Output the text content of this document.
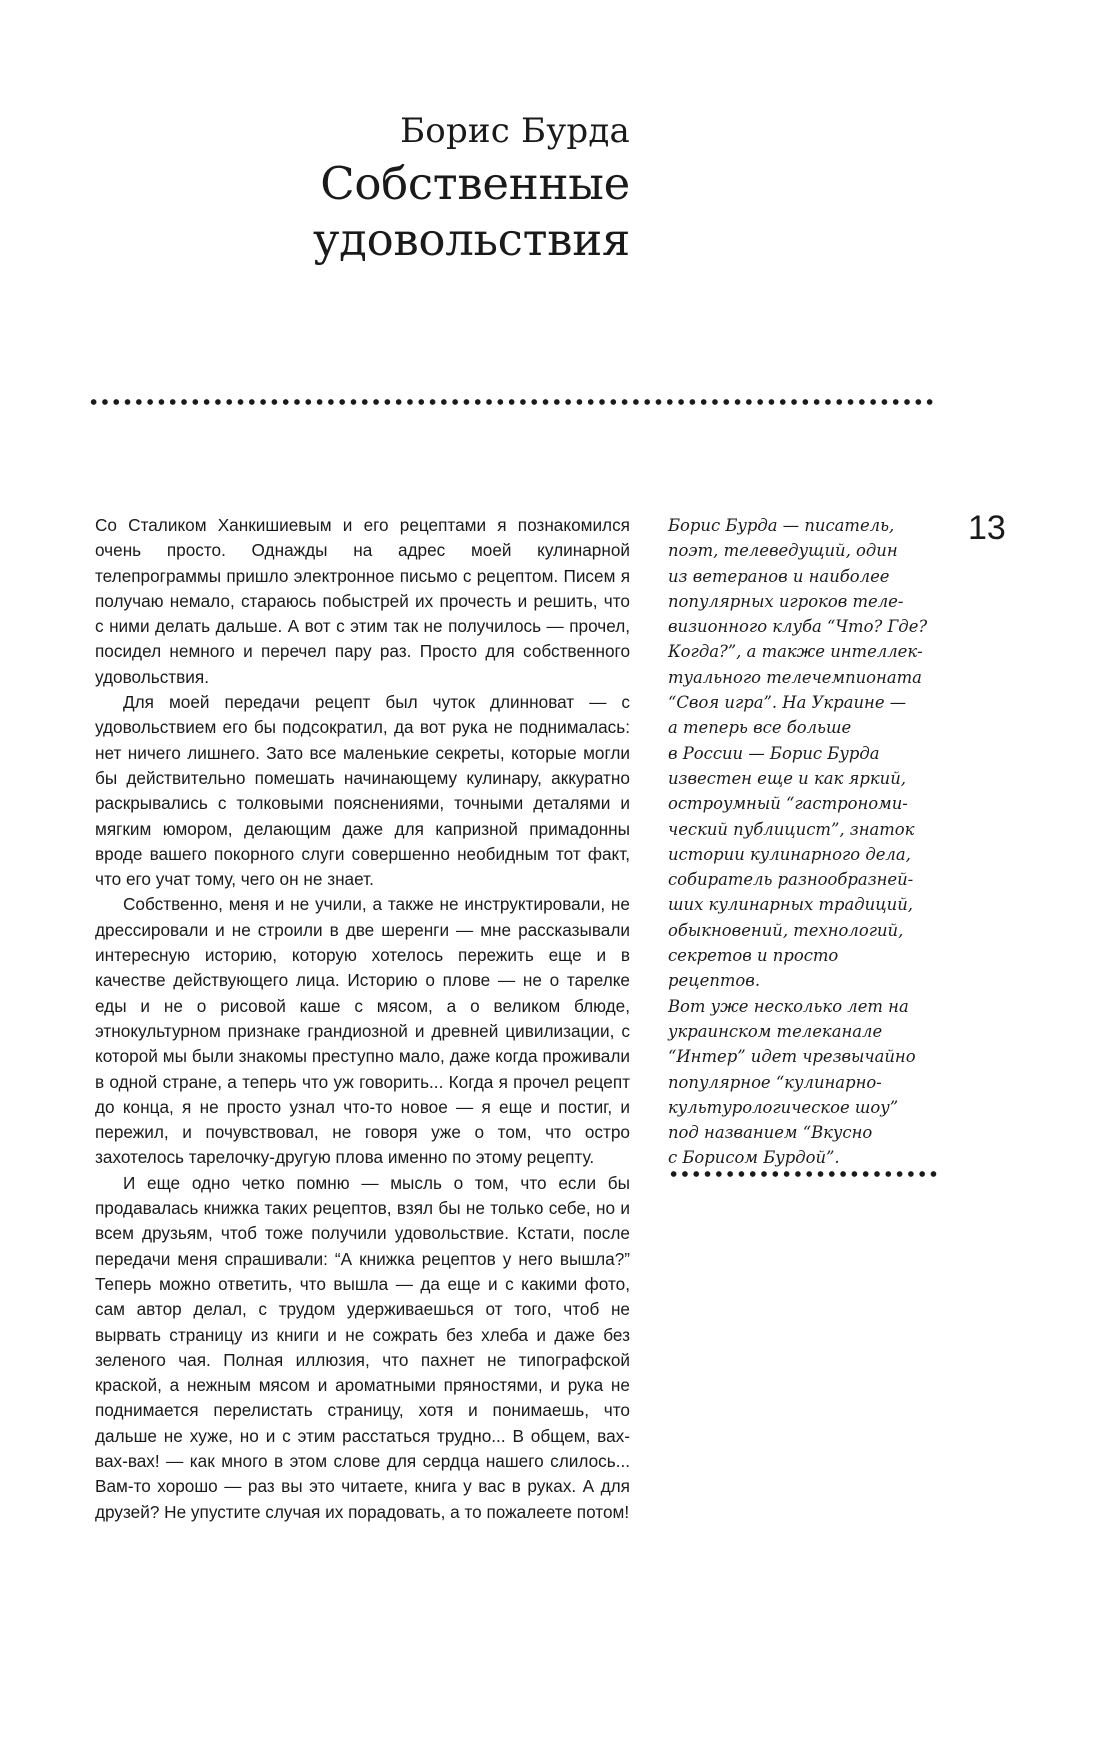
Борис Бурда
Собственные
удовольствия

Со Сталиком Ханкишиевым и его рецептами я познакомился очень просто. Однажды на адрес моей кулинарной телепрограммы пришло электронное письмо с рецептом. Писем я получаю немало, стараюсь побыстрей их прочесть и решить, что с ними делать дальше. А вот с этим так не получилось — прочел, посидел немного и перечел пару раз. Просто для собственного удовольствия.

Для моей передачи рецепт был чуток длинноват — с удовольствием его бы подсократил, да вот рука не поднималась: нет ничего лишнего. Зато все маленькие секреты, которые могли бы действительно помешать начинающему кулинару, аккуратно раскрывались с толковыми пояснениями, точными деталями и мягким юмором, делающим даже для капризной примадонны вроде вашего покорного слуги совершенно необидным тот факт, что его учат тому, чего он не знает.

Собственно, меня и не учили, а также не инструктировали, не дрессировали и не строили в две шеренги — мне рассказывали интересную историю, которую хотелось пережить еще и в качестве действующего лица. Историю о плове — не о тарелке еды и не о рисовой каше с мясом, а о великом блюде, этнокультурном признаке грандиозной и древней цивилизации, с которой мы были знакомы преступно мало, даже когда проживали в одной стране, а теперь что уж говорить... Когда я прочел рецепт до конца, я не просто узнал что-то новое — я еще и постиг, и пережил, и почувствовал, не говоря уже о том, что остро захотелось тарелочку-другую плова именно по этому рецепту.

И еще одно четко помню — мысль о том, что если бы продавалась книжка таких рецептов, взял бы не только себе, но и всем друзьям, чтоб тоже получили удовольствие. Кстати, после передачи меня спрашивали: “А книжка рецептов у него вышла?” Теперь можно ответить, что вышла — да еще и с какими фото, сам автор делал, с трудом удерживаешься от того, чтоб не вырвать страницу из книги и не сожрать без хлеба и даже без зеленого чая. Полная иллюзия, что пахнет не типографской краской, а нежным мясом и ароматными пряностями, и рука не поднимается перелистать страницу, хотя и понимаешь, что дальше не хуже, но и с этим расстаться трудно... В общем, вах-вах-вах! — как много в этом слове для сердца нашего слилось... Вам-то хорошо — раз вы это читаете, книга у вас в руках. А для друзей? Не упустите случая их порадовать, а то пожалеете потом!

Борис Бурда — писатель,
поэт, телеведущий, один
из ветеранов и наиболее
популярных игроков теле-
визионного клуба “Что? Где?
Когда?”, а также интеллек-
туального телечемпионата
“Своя игра”. На Украине —
а теперь все больше
в России — Борис Бурда
известен еще и как яркий,
остроумный “гастрономи-
ческий публицист”, знаток
истории кулинарного дела,
собиратель разнообразней-
ших кулинарных традиций,
обыкновений, технологий,
секретов и просто рецептов.
Вот уже несколько лет на
украинском телеканале
“Интер” идет чрезвычайно
популярное “кулинарно-
культурологическое шоу”
под названием “Вкусно
с Борисом Бурдой”.
13
